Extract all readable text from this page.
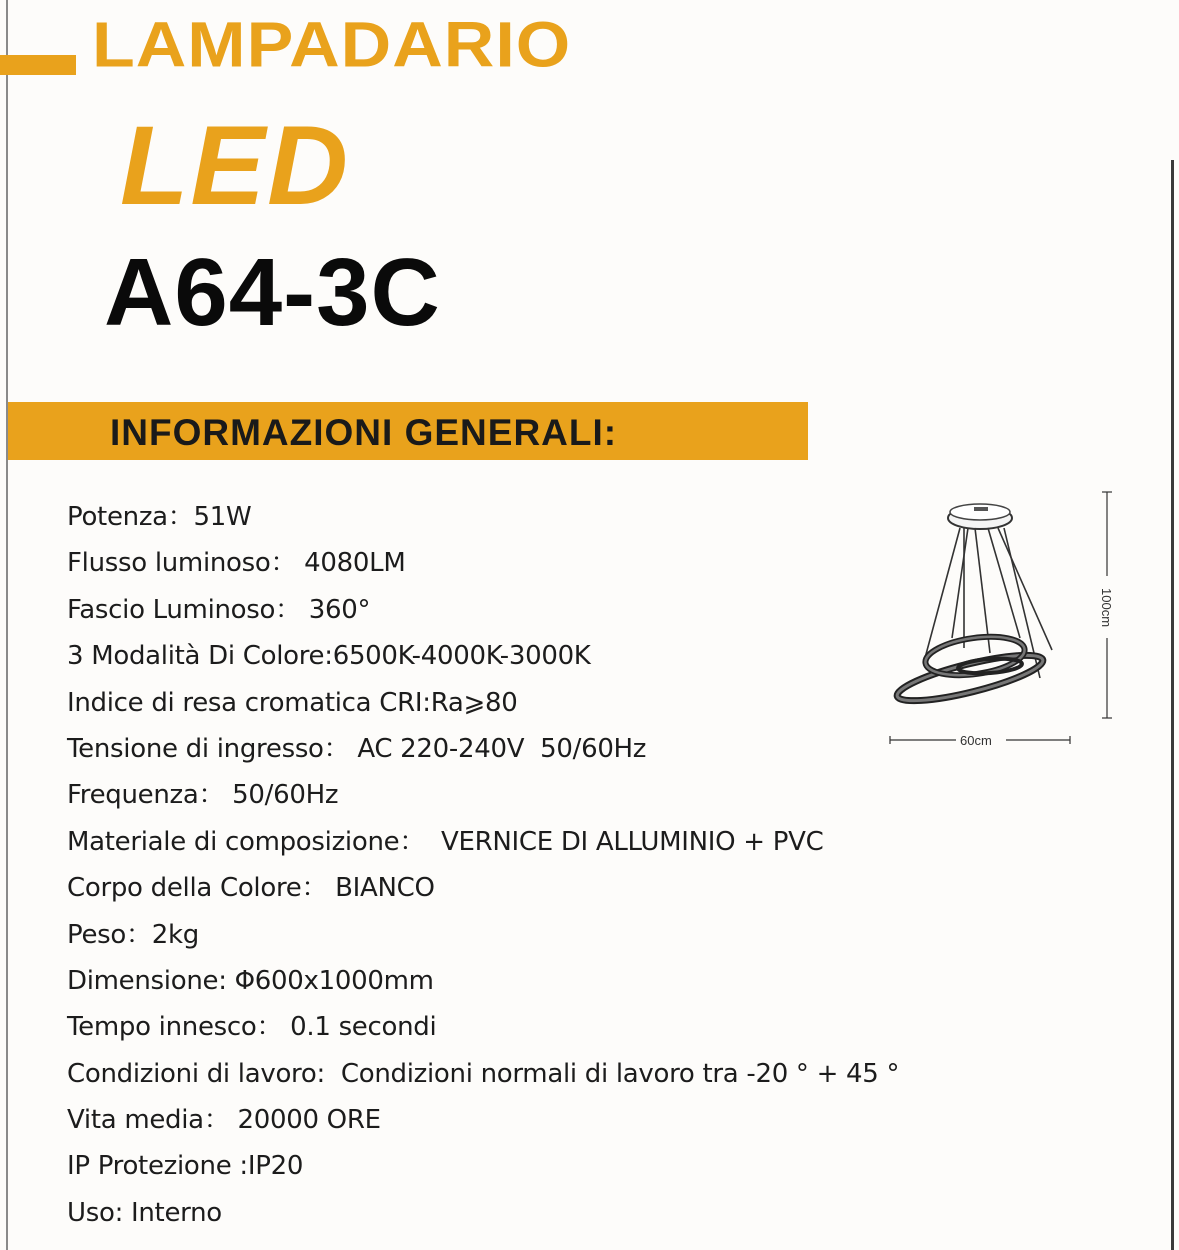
LAMPADARIO
LED
A64-3C
INFORMAZIONI GENERALI:
Potenza：51W
Flusso luminoso： 4080LM
Fascio Luminoso： 360°
3 Modalità Di Colore:6500K-4000K-3000K
Indice di resa cromatica CRI:Ra⩾80
Tensione di ingresso： AC 220-240V  50/60Hz
Frequenza： 50/60Hz
Materiale di composizione：  VERNICE DI ALLUMINIO + PVC
Corpo della Colore： BIANCO
Peso：2kg
Dimensione: Φ600x1000mm
Tempo innesco： 0.1 secondi
Condizioni di lavoro:  Condizioni normali di lavoro tra -20 ° + 45 °
Vita media： 20000 ORE
IP Protezione :IP20
Uso: Interno
100cm
60cm
